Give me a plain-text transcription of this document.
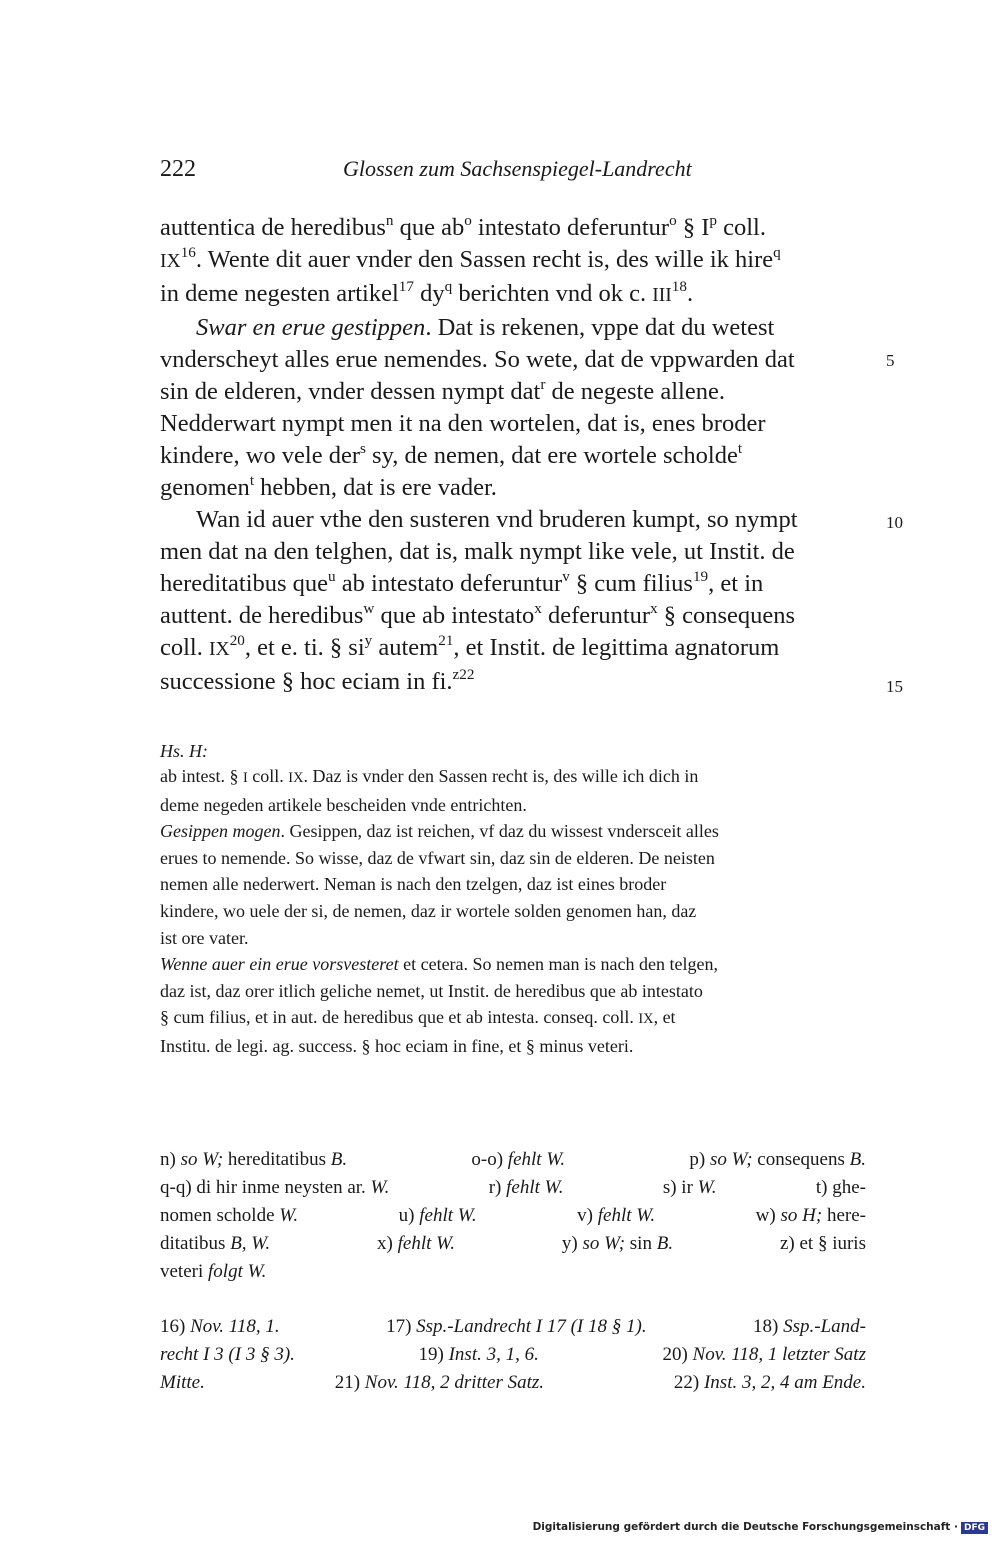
222	Glossen zum Sachsenspiegel-Landrecht
auttentica de heredibus$^n$ que $ab^o$ intestato deferuntur$^o$ § $I^p$ coll.
IX$^{16}$. Wente dit auer vnder den Sassen recht is, des wille ik hire$^q$
in deme negesten artikel$^{17}$ $dy^q$ berichten vnd ok c. III$^{18}$.
Swar en erue gestippen. Dat is rekenen, vppe dat du wetest
vnderscheyt alles erue nemendes. So wete, dat de vppwarden dat
sin de elderen, vnder dessen nympt dat$^r$ de negeste allene.
Nedderwart nympt men it na den wortelen, dat is, enes broder
kindere, wo vele der$^s$ sy, de nemen, dat ere wortele scholde$^t$
genomen$^t$ hebben, dat is ere vader.
Wan id auer vthe den susteren vnd bruderen kumpt, so nympt
men dat na den telghen, dat is, malk nympt like vele, ut Instit. de
hereditatibus que$^u$ ab intestato deferuntur$^v$ § cum filius$^{19}$, et in
auttent. de heredibus$^w$ que ab intestato$^x$ deferuntur$^x$ § consequens
coll. IX$^{20}$, et e. ti. § $si^y$ autem$^{21}$, et Instit. de legittima agnatorum
successione § hoc eciam in fi.$^{z22}$
5
10
15
Hs. H:
ab intest. § I coll. IX. Daz is vnder den Sassen recht is, des wille ich dich in
deme negeden artikele bescheiden vnde entrichten.
Gesippen mogen. Gesippen, daz ist reichen, vf daz du wissest vndersceit alles
erues to nemende. So wisse, daz de vfwart sin, daz sin de elderen. De neisten
nemen alle nederwert. Neman is nach den tzelgen, daz ist eines broder
kindere, wo uele der si, de nemen, daz ir wortele solden genomen han, daz
ist ore vater.
Wenne auer ein erue vorsvesteret et cetera. So nemen man is nach den telgen,
daz ist, daz orer itlich geliche nemet, ut Instit. de heredibus que ab intestato
§ cum filius, et in aut. de heredibus que et ab intesta. conseq. coll. IX, et
Institu. de legi. ag. success. § hoc eciam in fine, et § minus veteri.
n) so W; hereditatibus B.	o-o) fehlt W.	p) so W; consequens B.
q-q) di hir inme neysten ar. W.	r) fehlt W.	s) ir W.	t) ghe-
nomen scholde W.	u) fehlt W.	v) fehlt W.	w) so H; here-
ditatibus B, W.	x) fehlt W.	y) so W; sin B.	z) et § iuris
veteri folgt W.
16) Nov. 118, 1.	17) Ssp.-Landrecht I 17 (I 18 § 1).	18) Ssp.-Land-
recht I 3 (I 3 § 3).	19) Inst. 3, 1, 6.	20) Nov. 118, 1 letzter Satz
Mitte.	21) Nov. 118, 2 dritter Satz.	22) Inst. 3, 2, 4 am Ende.
Digitalisierung gefördert durch die Deutsche Forschungsgemeinschaft · DFG
